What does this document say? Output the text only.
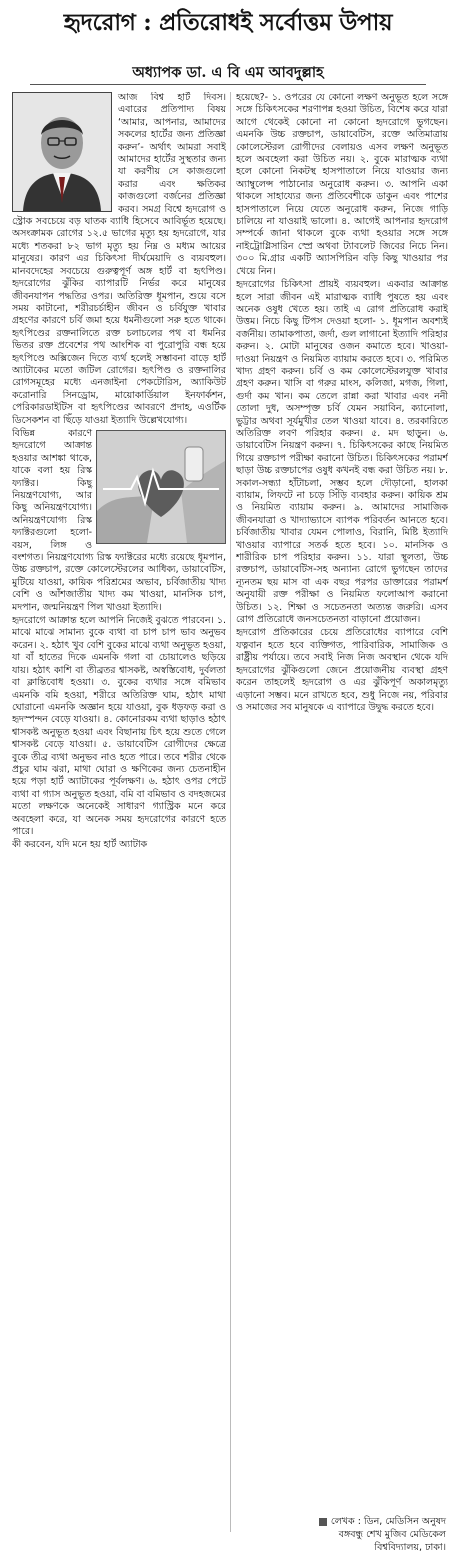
হৃদরোগ : প্রতিরোধই সর্বোত্তম উপায়
অধ্যাপক ডা. এ বি এম আবদুল্লাহ

আজ বিশ্ব হার্ট দিবস। এবারের প্রতিপাদ্য বিষয় ‘আমার, আপনার, আমাদের সকলের হার্টের জন্য প্রতিজ্ঞা করুন’- অর্থাৎ আমরা সবাই আমাদের হার্টের সুস্থতার জন্য যা করণীয় সে কাজগুলো করার এবং ক্ষতিকর কাজগুলো বর্জনের প্রতিজ্ঞা করব। সমগ্র বিশ্বে হৃদরোগ ও স্ট্রোক সবচেয়ে বড় ঘাতক ব্যাধি হিসেবে আবির্ভূত হয়েছে। অসংক্রামক রোগের ১২.৫ ভাগের মৃত্যু হয় হৃদরোগে, যার মধ্যে শতকরা ৮২ ভাগ মৃত্যু হয় নিম্ন ও মধ্যম আয়ের মানুষের। কারণ এর চিকিৎসা দীর্ঘমেয়াদি ও ব্যয়বহুল। মানবদেহের সবচেয়ে গুরুত্বপূর্ণ অঙ্গ হার্ট বা হৃৎপিণ্ড। হৃদরোগের ঝুঁকির ব্যাপারটি নির্ভর করে মানুষের জীবনযাপন পদ্ধতির ওপর। অতিরিক্ত ধূমপান, শুয়ে বসে সময় কাটানো, শরীরচর্চাহীন জীবন ও চর্বিযুক্ত খাবার গ্রহণের কারণে চর্বি জমা হয়ে ধমনীগুলো সরু হতে থাকে। হৃৎপিণ্ডের রক্তনালিতে রক্ত চলাচলের পথ বা ধমনির ভিতর রক্ত প্রবেশের পথ আংশিক বা পুরোপুরি বন্ধ হয়ে হৃৎপিণ্ডে অক্সিজেন দিতে ব্যর্থ হলেই সম্ভাবনা বাড়ে হার্ট অ্যাটাকের মতো জটিল রোগের। হৃৎপিণ্ড ও রক্তনালির রোগসমূহের মধ্যে এনজাইনা পেকটোরিস, অ্যাকিউট করোনারি সিনড্রোম, মায়োকার্ডিয়াল ইনফার্কশন, পেরিকারডাইটিস বা হৃৎপিণ্ডের আবরণে প্রদাহ, এওর্টিক ডিসেকশন বা ছিঁড়ে যাওয়া ইত্যাদি উল্লেখযোগ্য।

বিভিন্ন কারণে হৃদরোগে আক্রান্ত হওয়ার আশঙ্কা থাকে, যাকে বলা হয় রিস্ক ফ্যাক্টর। কিছু নিয়ন্ত্রণযোগ্য, আর কিছু অনিয়ন্ত্রণযোগ্য। অনিয়ন্ত্রণযোগ্য রিস্ক ফ্যাক্টরগুলো হলো- বয়স, লিঙ্গ ও বংশগত। নিয়ন্ত্রণযোগ্য রিস্ক ফ্যাক্টরের মধ্যে রয়েছে ধূমপান, উচ্চ রক্তচাপ, রক্তে কোলেস্টেরলের আধিক্য, ডায়াবেটিস, মুটিয়ে যাওয়া, কায়িক পরিশ্রমের অভাব, চর্বিজাতীয় খাদ্য বেশি ও আঁশজাতীয় খাদ্য কম খাওয়া, মানসিক চাপ, মদপান, জন্মনিয়ন্ত্রণ পিল খাওয়া ইত্যাদি।

হৃদরোগে আক্রান্ত হলে আপনি নিজেই বুঝতে পারবেন। ১. মাঝে মাঝে সামান্য বুকে ব্যথা বা চাপ চাপ ভাব অনুভব করেন। ২. হঠাৎ খুব বেশি বুকের মাঝে ব্যথা অনুভূত হওয়া, যা বাঁ হাতের দিকে এমনকি গলা বা চোয়ালেও ছড়িয়ে যায়। হঠাৎ কাশি বা তীব্রতর শ্বাসকষ্ট, অস্বস্তিবোধ, দুর্বলতা বা ক্লান্তিবোধ হওয়া। ৩. বুকের ব্যথার সঙ্গে বমিভাব এমনকি বমি হওয়া, শরীরে অতিরিক্ত ঘাম, হঠাৎ মাথা ঘোরানো এমনকি অজ্ঞান হয়ে যাওয়া, বুক ধড়ফড় করা ও হৃদস্পন্দন বেড়ে যাওয়া। ৪. কোনোরকম ব্যথা ছাড়াও হঠাৎ শ্বাসকষ্ট অনুভূত হওয়া এবং বিছানায় চিৎ হয়ে শুতে গেলে শ্বাসকষ্ট বেড়ে যাওয়া। ৫. ডায়াবেটিস রোগীদের ক্ষেত্রে বুকে তীব্র ব্যথা অনুভব নাও হতে পারে। তবে শরীর থেকে প্রচুর ঘাম ঝরা, মাথা ঘোরা ও ক্ষণিকের জন্য চেতনাহীন হয়ে পড়া হার্ট অ্যাটাকের পূর্বলক্ষণ। ৬. হঠাৎ ওপর পেটে ব্যথা বা গ্যাস অনুভূত হওয়া, বমি বা বমিভাব ও বদহজমের মতো লক্ষণকে অনেকেই সাধারণ গ্যাস্ট্রিক মনে করে অবহেলা করে, যা অনেক সময় হৃদরোগের কারণে হতে পারে।

কী করবেন, যদি মনে হয় হার্ট অ্যাটাক

হয়েছে?- ১. ওপরের যে কোনো লক্ষণ অনুভূত হলে সঙ্গে সঙ্গে চিকিৎসকের শরণাপন্ন হওয়া উচিত, বিশেষ করে যারা আগে থেকেই কোনো না কোনো হৃদরোগে ভুগছেন। এমনকি উচ্চ রক্তচাপ, ডায়াবেটিস, রক্তে অতিমাত্রায় কোলেস্টেরল রোগীদের বেলায়ও এসব লক্ষণ অনুভূত হলে অবহেলা করা উচিত নয়। ২. বুকে মারাত্মক ব্যথা হলে কোনো নিকটস্থ হাসপাতালে নিয়ে যাওয়ার জন্য অ্যাম্বুলেন্স পাঠানোর অনুরোধ করুন। ৩. আপনি একা থাকলে সাহায্যের জন্য প্রতিবেশীকে ডাকুন এবং পাশের হাসপাতালে নিয়ে যেতে অনুরোধ করুন, নিজে গাড়ি চালিয়ে না যাওয়াই ভালো। ৪. আগেই আপনার হৃদরোগ সম্পর্কে জানা থাকলে বুকে ব্যথা হওয়ার সঙ্গে সঙ্গে নাইট্রোগ্লিসারিন স্প্রে অথবা ট্যাবলেট জিবের নিচে নিন। ৩০০ মি.গ্রার একটি অ্যাসপিরিন বড়ি কিছু খাওয়ার পর খেয়ে নিন।

হৃদরোগের চিকিৎসা প্রায়ই ব্যয়বহুল। একবার আক্রান্ত হলে সারা জীবন এই মারাত্মক ব্যাধি পুষতে হয় এবং অনেক ওষুধ খেতে হয়। তাই এ রোগ প্রতিরোধ করাই উত্তম। নিচে কিছু টিপস দেওয়া হলো- ১. ধূমপান অবশ্যই বর্জনীয়। তামাকপাতা, জর্দা, গুল লাগানো ইত্যাদি পরিহার করুন। ২. মোটা মানুষের ওজন কমাতে হবে। খাওয়া-দাওয়া নিয়ন্ত্রণ ও নিয়মিত ব্যায়াম করতে হবে। ৩. পরিমিত খাদ্য গ্রহণ করুন। চর্বি ও কম কোলেস্টেরলযুক্ত খাবার গ্রহণ করুন। খাসি বা গরুর মাংস, কলিজা, মগজ, গিলা, গুর্দা কম খান। কম তেলে রান্না করা খাবার এবং ননী তোলা দুধ, অসম্পৃক্ত চর্বি যেমন সয়াবিন, ক্যানোলা, ভুট্টার অথবা সূর্যমুখীর তেল খাওয়া যাবে। ৪. তরকারিতে অতিরিক্ত লবণ পরিহার করুন। ৫. মদ ছাড়ুন। ৬. ডায়াবেটিস নিয়ন্ত্রণ করুন। ৭. চিকিৎসকের কাছে নিয়মিত গিয়ে রক্তচাপ পরীক্ষা করানো উচিত। চিকিৎসকের পরামর্শ ছাড়া উচ্চ রক্তচাপের ওষুধ কখনই বন্ধ করা উচিত নয়। ৮. সকাল-সন্ধ্যা হাঁটাচলা, সম্ভব হলে দৌড়ানো, হালকা ব্যায়াম, লিফটে না চড়ে সিঁড়ি ব্যবহার করুন। কায়িক শ্রম ও নিয়মিত ব্যায়াম করুন। ৯. আমাদের সামাজিক জীবনযাত্রা ও খাদ্যাভ্যাসে ব্যাপক পরিবর্তন আনতে হবে। চর্বিজাতীয় খাবার যেমন পোলাও, বিরানি, মিষ্টি ইত্যাদি খাওয়ার ব্যাপারে সতর্ক হতে হবে। ১০. মানসিক ও শারীরিক চাপ পরিহার করুন। ১১. যারা স্থূলতা, উচ্চ রক্তচাপ, ডায়াবেটিস-সহ অন্যান্য রোগে ভুগছেন তাদের ন্যূনতম ছয় মাস বা এক বছর পরপর ডাক্তারের পরামর্শ অনুযায়ী রক্ত পরীক্ষা ও নিয়মিত ফলোআপ করানো উচিত। ১২. শিক্ষা ও সচেতনতা অত্যন্ত জরুরি। এসব রোগ প্রতিরোধে জনসচেতনতা বাড়ানো প্রয়োজন।

হৃদরোগ প্রতিকারের চেয়ে প্রতিরোধের ব্যাপারে বেশি যত্নবান হতে হবে ব্যক্তিগত, পারিবারিক, সামাজিক ও রাষ্ট্রীয় পর্যায়ে। তবে সবাই নিজ নিজ অবস্থান থেকে যদি হৃদরোগের ঝুঁকিগুলো জেনে প্রয়োজনীয় ব্যবস্থা গ্রহণ করেন তাহলেই হৃদরোগ ও এর ঝুঁকিপূর্ণ অকালমৃত্যু এড়ানো সম্ভব। মনে রাখতে হবে, শুধু নিজে নয়, পরিবার ও সমাজের সব মানুষকে এ ব্যাপারে উদ্বুদ্ধ করতে হবে।

লেখক : ডিন, মেডিসিন অনুষদ
বঙ্গবন্ধু শেখ মুজিব মেডিকেল
বিশ্ববিদ্যালয়, ঢাকা।
